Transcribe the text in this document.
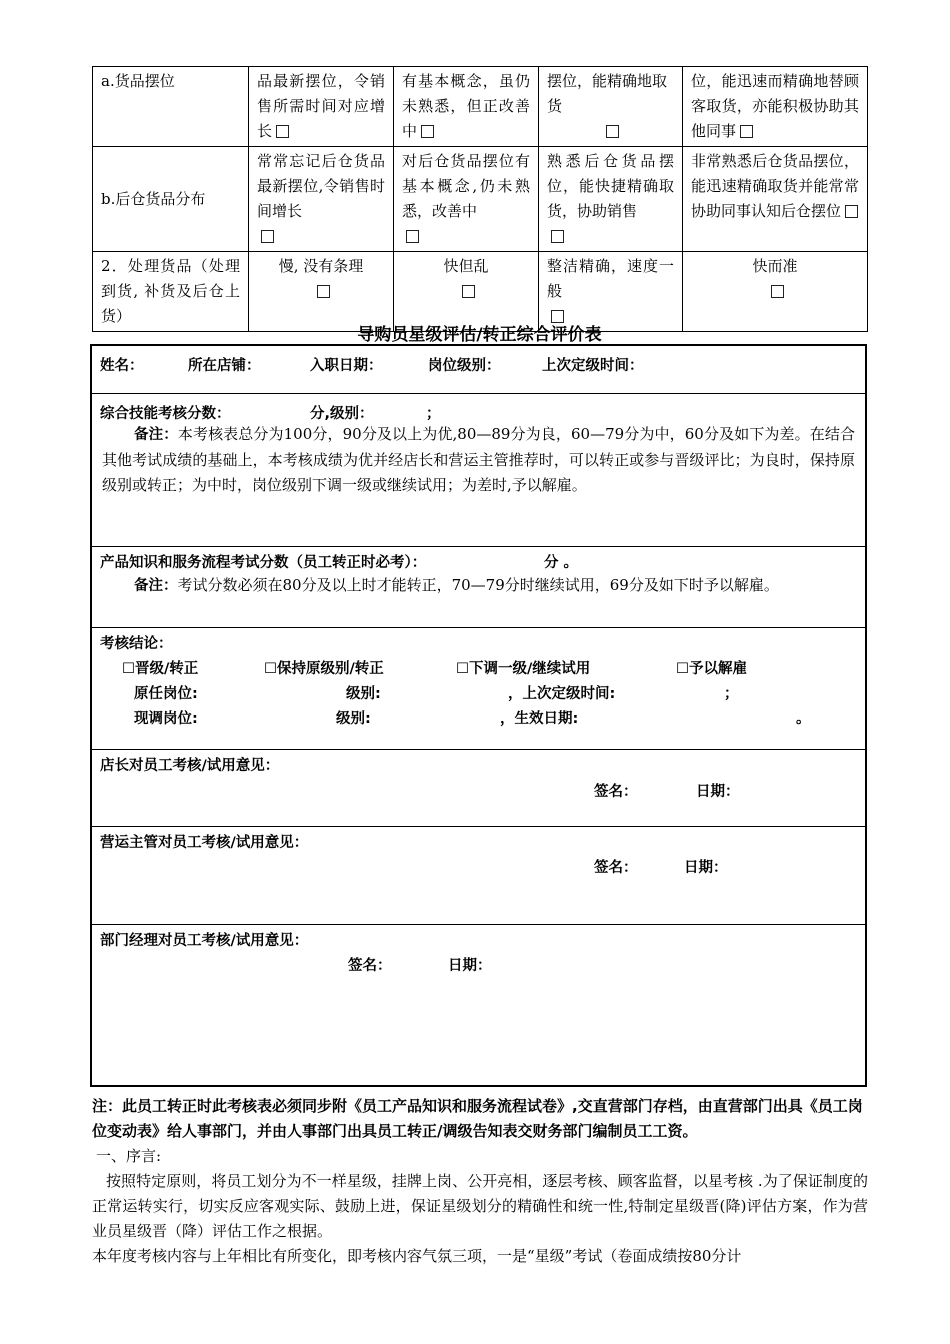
a.货品摆位	品最新摆位，令销售所需时间对应增长	有基本概念，虽仍未熟悉，但正改善中	摆位，能精确地取货	位，能迅速而精确地替顾客取货，亦能积极协助其他同事
b.后仓货品分布	常常忘记后仓货品最新摆位,令销售时间增长	对后仓货品摆位有基本概念,仍未熟悉，改善中	熟悉后仓货品摆位，能快捷精确取货，协助销售	非常熟悉后仓货品摆位，能迅速精确取货并能常常协助同事认知后仓摆位
2．处理货品（处理到货, 补货及后仓上货）	慢, 没有条理	快但乱	整洁精确，速度一般	快而准

导购员星级评估/转正综合评价表
姓名：	所在店铺：	入职日期：	岗位级别：	上次定级时间：
综合技能考核分数：	分,级别：	；
备注：本考核表总分为100分，90分及以上为优,80—89分为良，60—79分为中，60分及如下为差。在结合其他考试成绩的基础上，本考核成绩为优并经店长和营运主管推荐时，可以转正或参与晋级评比；为良时，保持原级别或转正；为中时，岗位级别下调一级或继续试用；为差时,予以解雇。
产品知识和服务流程考试分数（员工转正时必考）：	分 。
备注：考试分数必须在80分及以上时才能转正，70—79分时继续试用，69分及如下时予以解雇。
考核结论：
☐晋级/转正	☐保持原级别/转正	☐下调一级/继续试用	☐予以解雇
原任岗位:	级别:	，上次定级时间:	；
现调岗位:	级别:	，生效日期:	。
店长对员工考核/试用意见：
签名：	日期：
营运主管对员工考核/试用意见：
签名：	日期：
部门经理对员工考核/试用意见：
签名：	日期：
注：此员工转正时此考核表必须同步附《员工产品知识和服务流程试卷》,交直营部门存档，由直营部门出具《员工岗位变动表》给人事部门，并由人事部门出具员工转正/调级告知表交财务部门编制员工工资。
一、序言:
按照特定原则，将员工划分为不一样星级，挂牌上岗、公开亮相，逐层考核、顾客监督，以星考核 .为了保证制度的正常运转实行，切实反应客观实际、鼓励上进，保证星级划分的精确性和统一性,特制定星级晋(降)评估方案，作为营业员星级晋（降）评估工作之根据。
本年度考核内容与上年相比有所变化，即考核内容气氛三项，一是“星级”考试（卷面成绩按80分计
